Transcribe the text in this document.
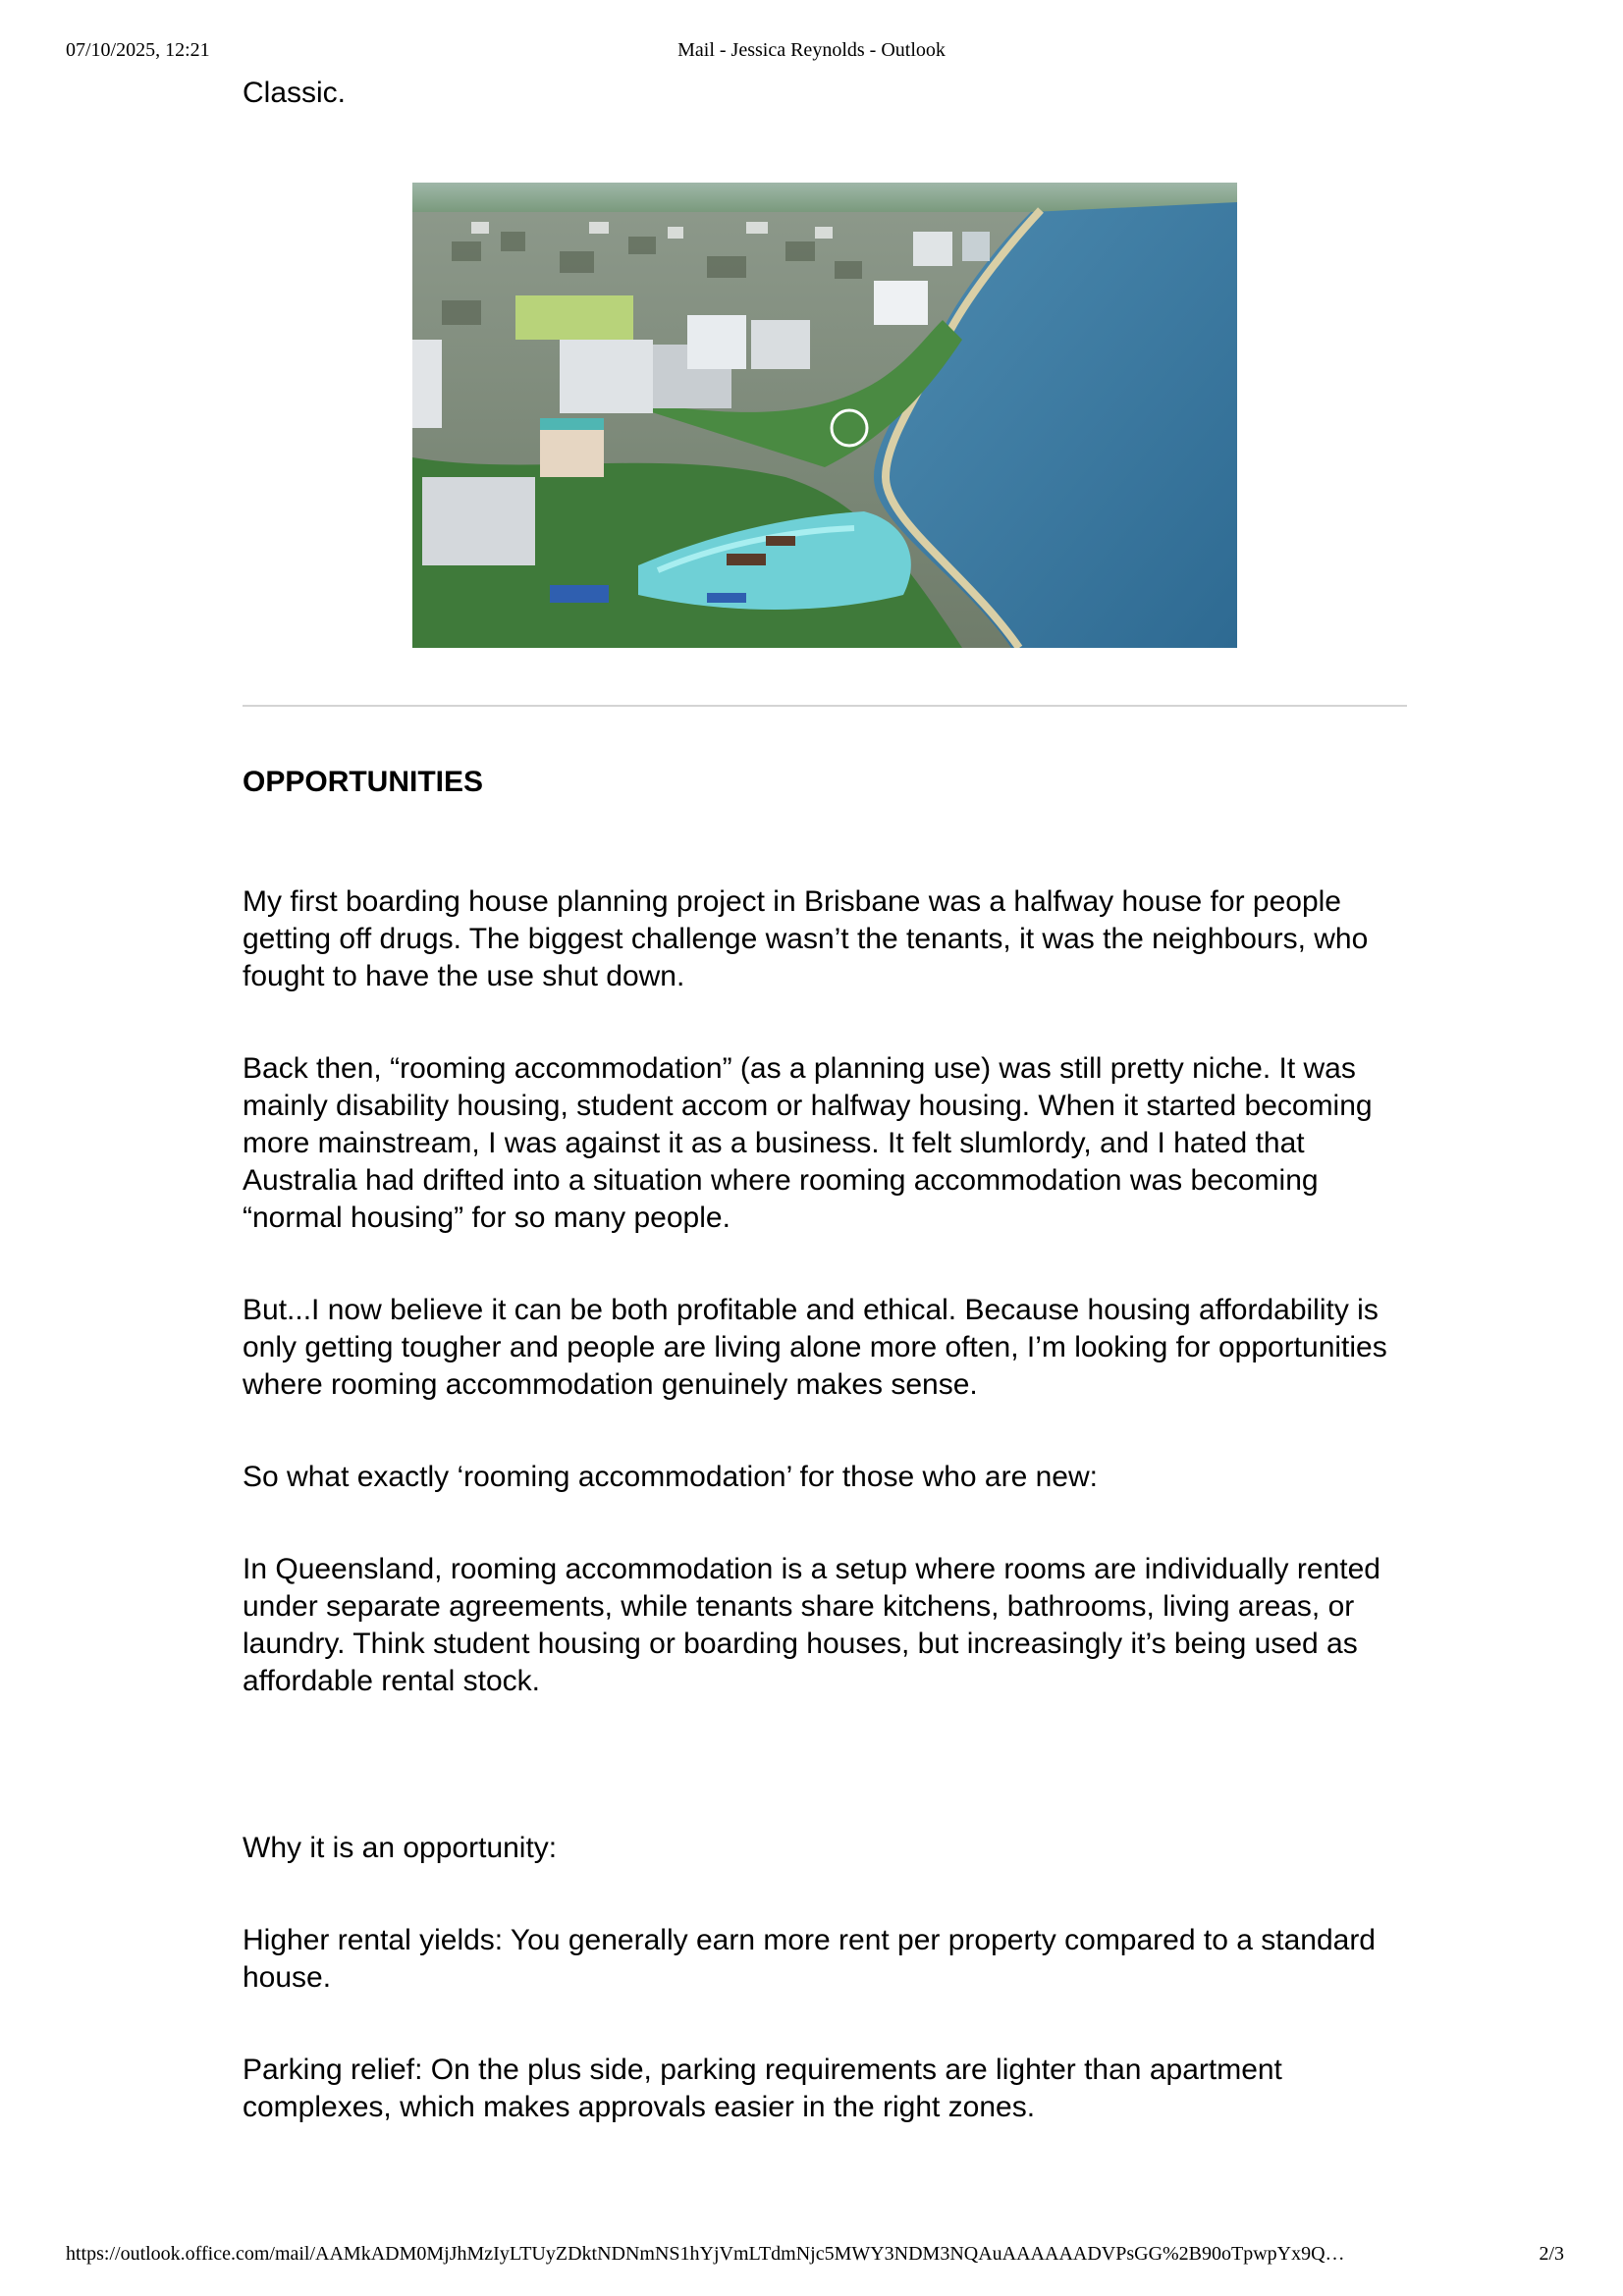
07/10/2025, 12:21	Mail - Jessica Reynolds - Outlook

Classic.

OPPORTUNITIES

My first boarding house planning project in Brisbane was a halfway house for people getting off drugs. The biggest challenge wasn’t the tenants, it was the neighbours, who fought to have the use shut down.

Back then, “rooming accommodation” (as a planning use) was still pretty niche. It was mainly disability housing, student accom or halfway housing. When it started becoming more mainstream, I was against it as a business. It felt slumlordy, and I hated that Australia had drifted into a situation where rooming accommodation was becoming “normal housing” for so many people.

But...I now believe it can be both profitable and ethical. Because housing affordability is only getting tougher and people are living alone more often, I’m looking for opportunities where rooming accommodation genuinely makes sense.

So what exactly ‘rooming accommodation’ for those who are new:

In Queensland, rooming accommodation is a setup where rooms are individually rented under separate agreements, while tenants share kitchens, bathrooms, living areas, or laundry. Think student housing or boarding houses, but increasingly it’s being used as affordable rental stock.

Why it is an opportunity:

Higher rental yields: You generally earn more rent per property compared to a standard house.

Parking relief: On the plus side, parking requirements are lighter than apartment complexes, which makes approvals easier in the right zones.

https://outlook.office.com/mail/AAMkADM0MjJhMzIyLTUyZDktNDNmNS1hYjVmLTdmNjc5MWY3NDM3NQAuAAAAAADVPsGG%2B90oTpwpYx9Q…	2/3
